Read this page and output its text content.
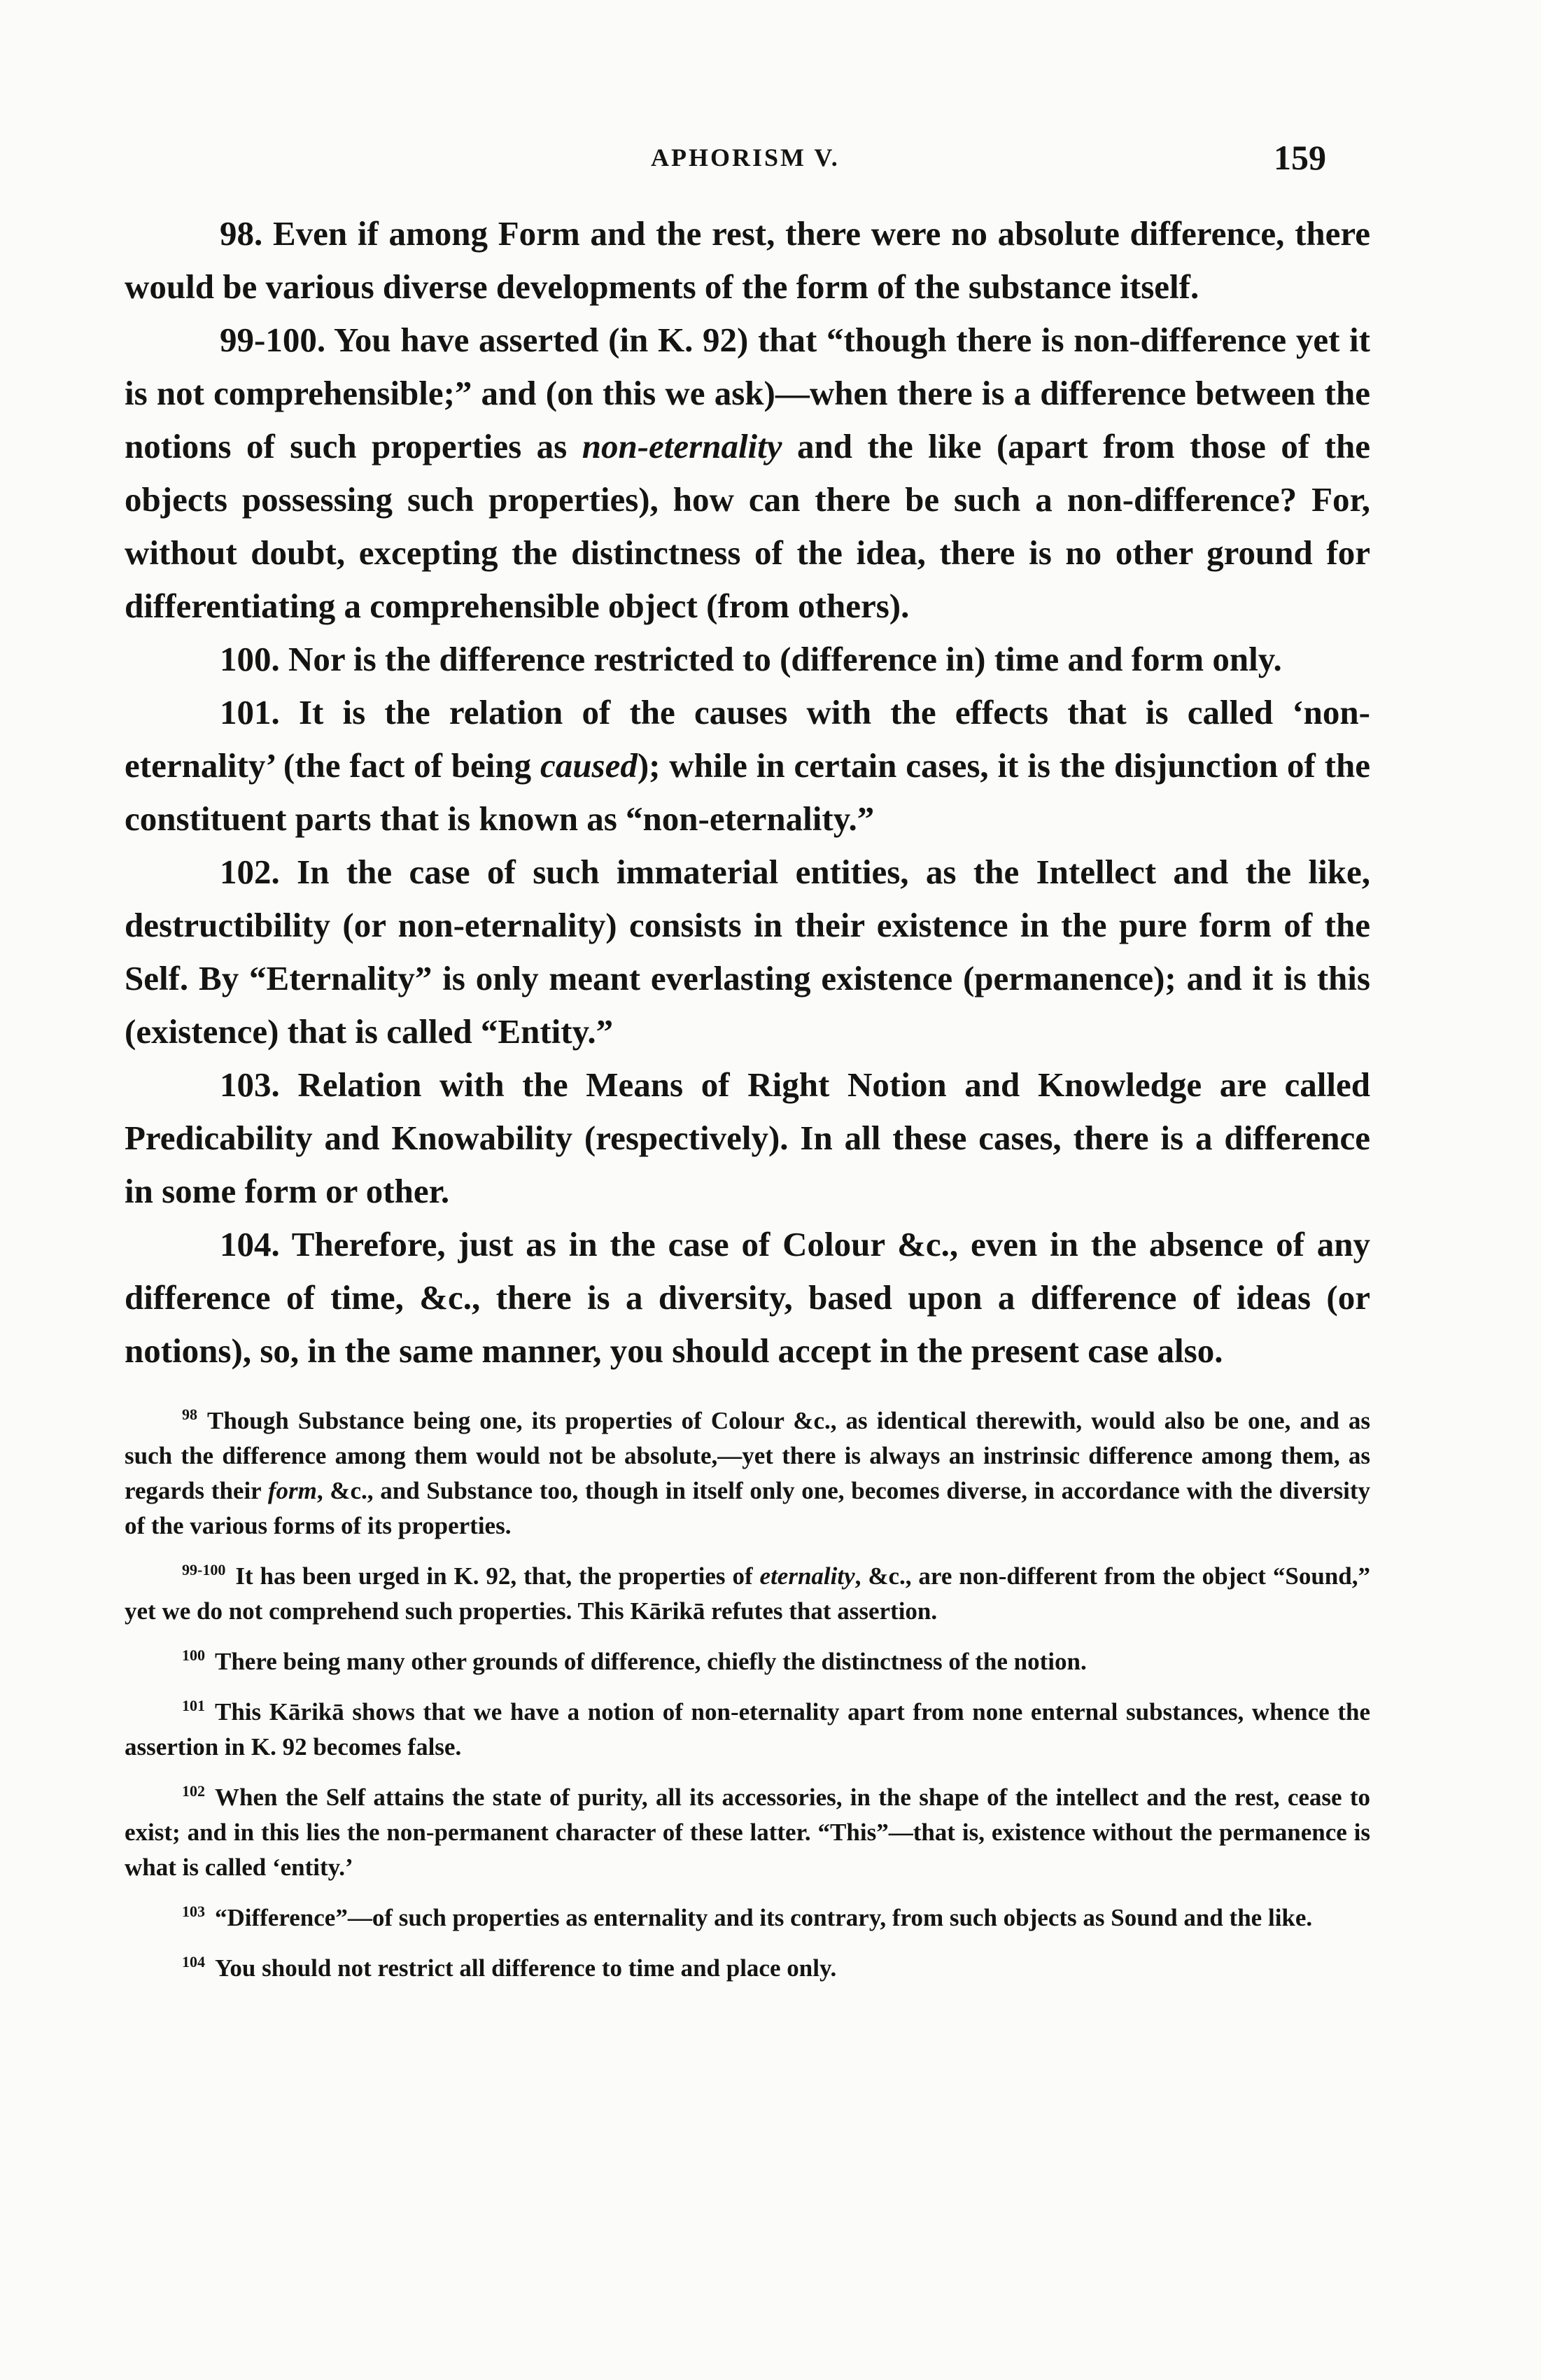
APHORISM V.	159

98. Even if among Form and the rest, there were no absolute difference, there would be various diverse developments of the form of the substance itself.

99-100. You have asserted (in K. 92) that “though there is non-difference yet it is not comprehensible;” and (on this we ask)—when there is a difference between the notions of such properties as non-eternality and the like (apart from those of the objects possessing such properties), how can there be such a non-difference? For, without doubt, excepting the distinctness of the idea, there is no other ground for differentiating a comprehensible object (from others).

100. Nor is the difference restricted to (difference in) time and form only.

101. It is the relation of the causes with the effects that is called ‘non-eternality’ (the fact of being caused); while in certain cases, it is the disjunction of the constituent parts that is known as “non-eternality.”

102. In the case of such immaterial entities, as the Intellect and the like, destructibility (or non-eternality) consists in their existence in the pure form of the Self. By “Eternality” is only meant everlasting existence (permanence); and it is this (existence) that is called “Entity.”

103. Relation with the Means of Right Notion and Knowledge are called Predicability and Knowability (respectively). In all these cases, there is a difference in some form or other.

104. Therefore, just as in the case of Colour &c., even in the absence of any difference of time, &c., there is a diversity, based upon a difference of ideas (or notions), so, in the same manner, you should accept in the present case also.

$^{98}$ Though Substance being one, its properties of Colour &c., as identical therewith, would also be one, and as such the difference among them would not be absolute,—yet there is always an instrinsic difference among them, as regards their form, &c., and Substance too, though in itself only one, becomes diverse, in accordance with the diversity of the various forms of its properties.

$^{99-100}$ It has been urged in K. 92, that, the properties of eternality, &c., are non-different from the object “Sound,” yet we do not comprehend such properties. This Kārikā refutes that assertion.

$^{100}$ There being many other grounds of difference, chiefly the distinctness of the notion.

$^{101}$ This Kārikā shows that we have a notion of non-eternality apart from none enternal substances, whence the assertion in K. 92 becomes false.

$^{102}$ When the Self attains the state of purity, all its accessories, in the shape of the intellect and the rest, cease to exist; and in this lies the non-permanent character of these latter. “This”—that is, existence without the permanence is what is called ‘entity.’

$^{103}$ “Difference”—of such properties as enternality and its contrary, from such objects as Sound and the like.

$^{104}$ You should not restrict all difference to time and place only.
